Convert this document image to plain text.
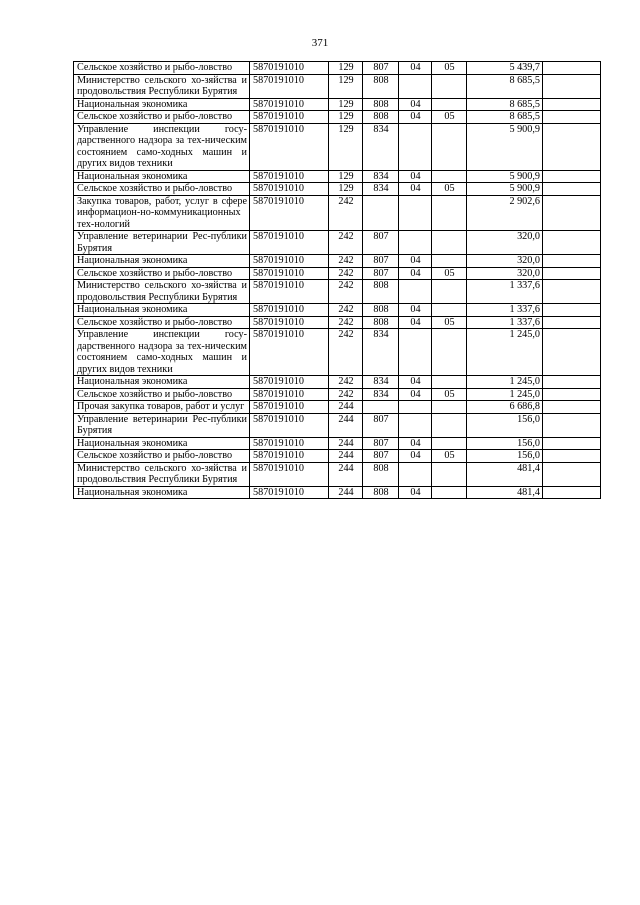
371
Сельское хозяйство и рыбо-ловство	5870191010	129	807	04	05	5 439,7	
Министерство сельского хо-зяйства и продовольствия Республики Бурятия	5870191010	129	808			8 685,5	
Национальная экономика	5870191010	129	808	04		8 685,5	
Сельское хозяйство и рыбо-ловство	5870191010	129	808	04	05	8 685,5	
Управление инспекции госу-дарственного надзора за тех-ническим состоянием само-ходных машин и других видов техники	5870191010	129	834			5 900,9	
Национальная экономика	5870191010	129	834	04		5 900,9	
Сельское хозяйство и рыбо-ловство	5870191010	129	834	04	05	5 900,9	
Закупка товаров, работ, услуг в сфере информацион-но-коммуникационных тех-нологий	5870191010	242				2 902,6	
Управление ветеринарии Рес-публики Бурятия	5870191010	242	807			320,0	
Национальная экономика	5870191010	242	807	04		320,0	
Сельское хозяйство и рыбо-ловство	5870191010	242	807	04	05	320,0	
Министерство сельского хо-зяйства и продовольствия Республики Бурятия	5870191010	242	808			1 337,6	
Национальная экономика	5870191010	242	808	04		1 337,6	
Сельское хозяйство и рыбо-ловство	5870191010	242	808	04	05	1 337,6	
Управление инспекции госу-дарственного надзора за тех-ническим состоянием само-ходных машин и других видов техники	5870191010	242	834			1 245,0	
Национальная экономика	5870191010	242	834	04		1 245,0	
Сельское хозяйство и рыбо-ловство	5870191010	242	834	04	05	1 245,0	
Прочая закупка товаров, работ и услуг	5870191010	244				6 686,8	
Управление ветеринарии Рес-публики Бурятия	5870191010	244	807			156,0	
Национальная экономика	5870191010	244	807	04		156,0	
Сельское хозяйство и рыбо-ловство	5870191010	244	807	04	05	156,0	
Министерство сельского хо-зяйства и продовольствия Республики Бурятия	5870191010	244	808			481,4	
Национальная экономика	5870191010	244	808	04		481,4	
